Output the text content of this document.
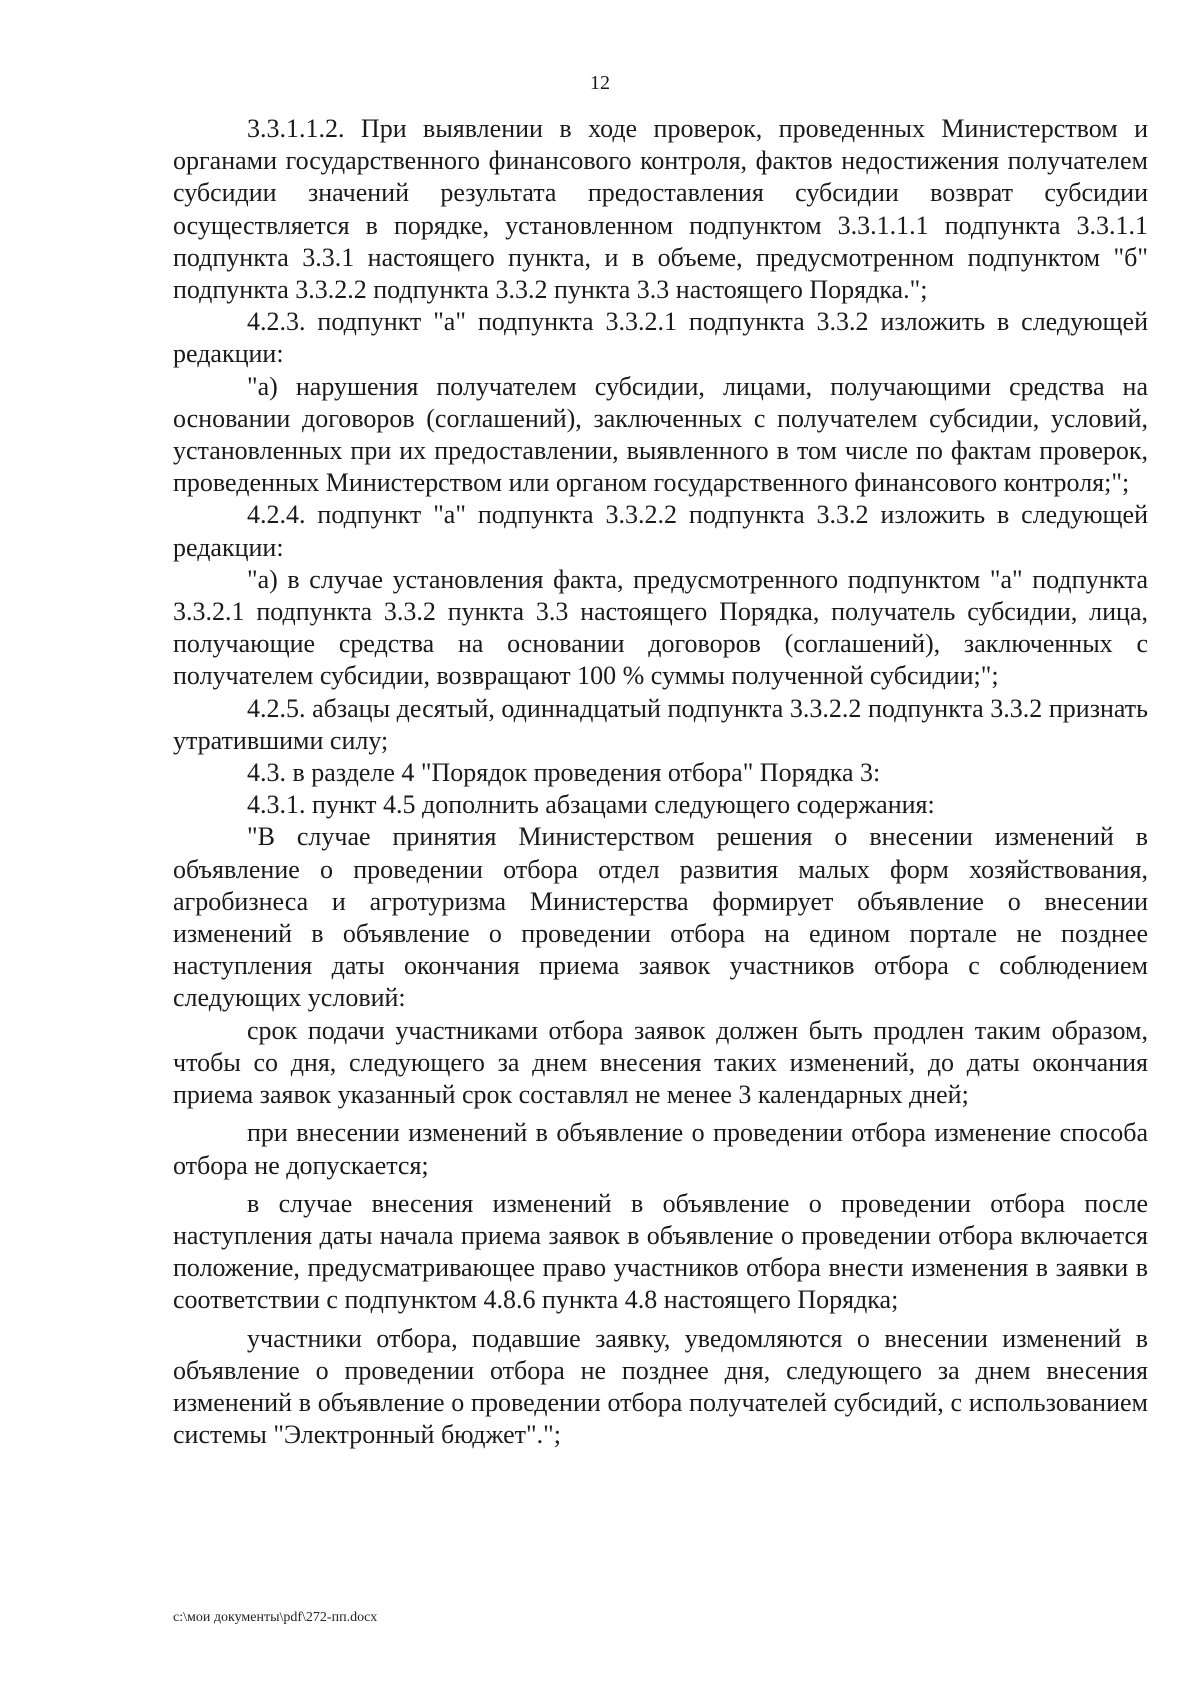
12

3.3.1.1.2. При выявлении в ходе проверок, проведенных Министерством и органами государственного финансового контроля, фактов недостижения получателем субсидии значений результата предоставления субсидии возврат субсидии осуществляется в порядке, установленном подпунктом 3.3.1.1.1 подпункта 3.3.1.1 подпункта 3.3.1 настоящего пункта, и в объеме, предусмотренном подпунктом "б" подпункта 3.3.2.2 подпункта 3.3.2 пункта 3.3 настоящего Порядка.";

4.2.3. подпункт "а" подпункта 3.3.2.1 подпункта 3.3.2 изложить в следующей редакции:

"а) нарушения получателем субсидии, лицами, получающими средства на основании договоров (соглашений), заключенных с получателем субсидии, условий, установленных при их предоставлении, выявленного в том числе по фактам проверок, проведенных Министерством или органом государственного финансового контроля;";

4.2.4. подпункт "а" подпункта 3.3.2.2 подпункта 3.3.2 изложить в следующей редакции:

"а) в случае установления факта, предусмотренного подпунктом "а" подпункта 3.3.2.1 подпункта 3.3.2 пункта 3.3 настоящего Порядка, получатель субсидии, лица, получающие средства на основании договоров (соглашений), заключенных с получателем субсидии, возвращают 100 % суммы полученной субсидии;";

4.2.5. абзацы десятый, одиннадцатый подпункта 3.3.2.2 подпункта 3.3.2 признать утратившими силу;

4.3. в разделе 4 "Порядок проведения отбора" Порядка 3:

4.3.1. пункт 4.5 дополнить абзацами следующего содержания:

"В случае принятия Министерством решения о внесении изменений в объявление о проведении отбора отдел развития малых форм хозяйствования, агробизнеса и агротуризма Министерства формирует объявление о внесении изменений в объявление о проведении отбора на едином портале не позднее наступления даты окончания приема заявок участников отбора с соблюдением следующих условий:

срок подачи участниками отбора заявок должен быть продлен таким образом, чтобы со дня, следующего за днем внесения таких изменений, до даты окончания приема заявок указанный срок составлял не менее 3 календарных дней;

при внесении изменений в объявление о проведении отбора изменение способа отбора не допускается;

в случае внесения изменений в объявление о проведении отбора после наступления даты начала приема заявок в объявление о проведении отбора включается положение, предусматривающее право участников отбора внести изменения в заявки в соответствии с подпунктом 4.8.6 пункта 4.8 настоящего Порядка;

участники отбора, подавшие заявку, уведомляются о внесении изменений в объявление о проведении отбора не позднее дня, следующего за днем внесения изменений в объявление о проведении отбора получателей субсидий, с использованием системы "Электронный бюджет".";

с:\мои документы\pdf\272-пп.docx
